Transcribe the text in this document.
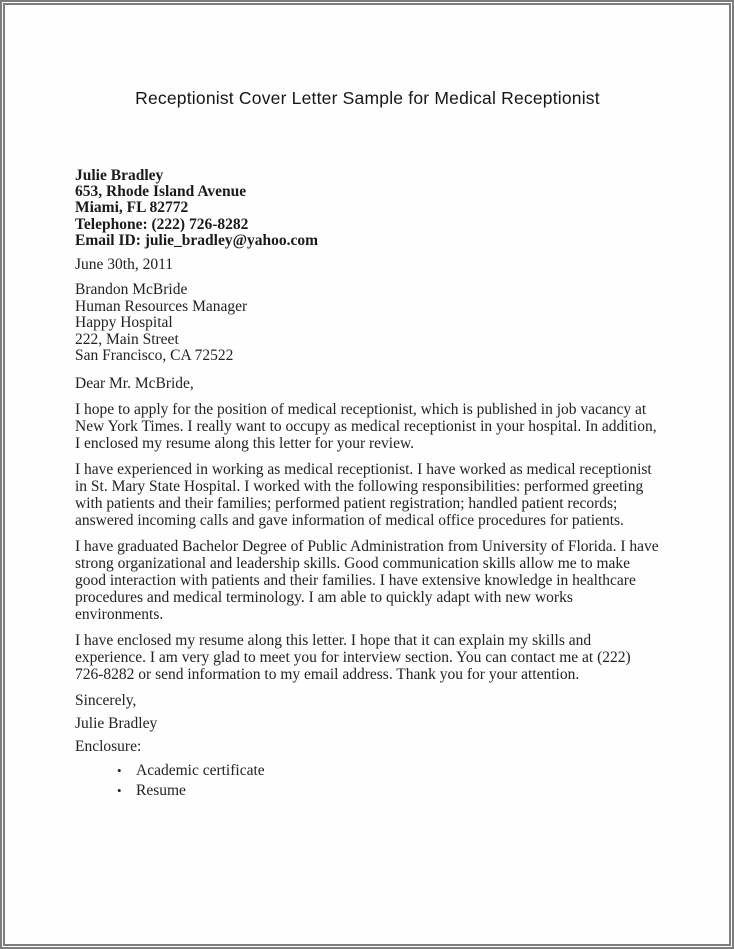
Receptionist Cover Letter Sample for Medical Receptionist
Julie Bradley
653, Rhode Island Avenue
Miami, FL 82772
Telephone: (222) 726-8282
Email ID: julie_bradley@yahoo.com
June 30th, 2011
Brandon McBride
Human Resources Manager
Happy Hospital
222, Main Street
San Francisco, CA 72522
Dear Mr. McBride,

I hope to apply for the position of medical receptionist, which is published in job vacancy at New York Times. I really want to occupy as medical receptionist in your hospital. In addition, I enclosed my resume along this letter for your review.

I have experienced in working as medical receptionist. I have worked as medical receptionist in St. Mary State Hospital. I worked with the following responsibilities: performed greeting with patients and their families; performed patient registration; handled patient records; answered incoming calls and gave information of medical office procedures for patients.

I have graduated Bachelor Degree of Public Administration from University of Florida. I have strong organizational and leadership skills. Good communication skills allow me to make good interaction with patients and their families. I have extensive knowledge in healthcare procedures and medical terminology. I am able to quickly adapt with new works environments.

I have enclosed my resume along this letter. I hope that it can explain my skills and experience. I am very glad to meet you for interview section. You can contact me at (222) 726-8282 or send information to my email address. Thank you for your attention.

Sincerely,
Julie Bradley
Enclosure:
• Academic certificate
• Resume
